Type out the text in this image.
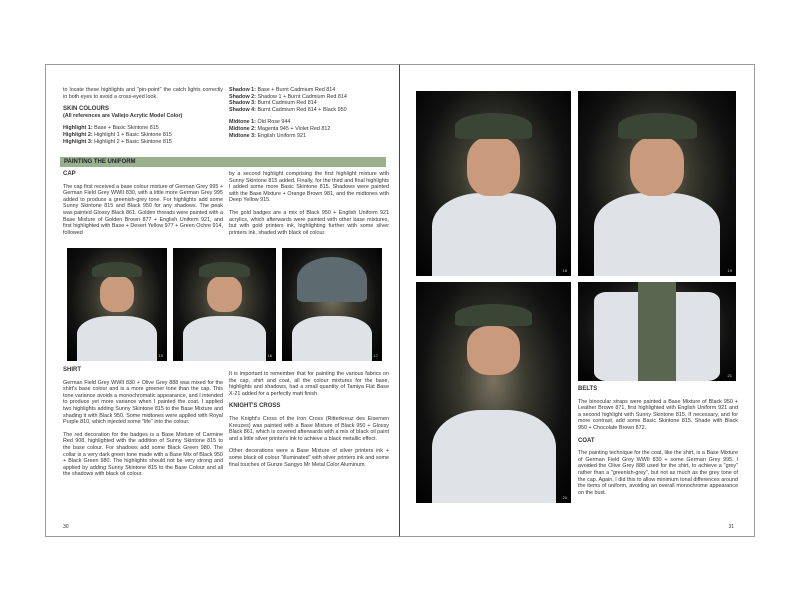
to locate these highlights and "pin-point" the catch lights correctly in both eyes to avoid a cross-eyed look.

SKIN COLOURS

(All references are Vallejo Acrylic Model Color)

Highlight 1: Base + Basic Skintone 815
Highlight 2: Highlight 1 + Basic Skintone 815
Highlight 3: Highlight 2 + Basic Skintone 815
Shadow 1: Base + Burnt Cadmium Red 814
Shadow 2: Shadow 1 + Burnt Cadmium Red 814
Shadow 3: Burnt Cadmium Red 814
Shadow 4: Burnt Cadmium Red 814 + Black 950
Midtone 1: Old Rose 944
Midtone 2: Magenta 945 + Violet Red 812
Midtone 3: English Uniform 921
PAINTING THE UNIFORM
CAP

The cap first received a base colour mixture of German Grey 995 + German Field Grey WWII 830, with a little more German Grey 995 added to produce a greenish-grey tone. For highlights add some Sunny Skintone 815 and Black 950 for any shadows. The peak was painted Glossy Black 861. Golden threads were painted with a Base Mixture of Golden Brown 877 + English Uniform 921, and first highlighted with Base + Desert Yellow 977 + Green Ochre 914, followed

by a second highlight comprising the first highlight mixture with Sunny Skintone 815 added. Finally, for the third and final highlights I added some more Basic Skintone 815. Shadows were painted with the Base Mixture + Orange Brown 981, and the midtones with Deep Yellow 915.

The gold badges are a mix of Black 950 + English Uniform 921 acrylics, which afterwards were painted with other base mixtures, but with gold printers ink, highlighting further with some silver printers ink, shaded with black oil colour.

15	16	17
SHIRT

German Field Grey WWII 830 + Olive Grey 888 was mixed for the shirt's base colour and is a more greener tone than the cap. This tone variance avoids a monochromatic appearance, and I intended to produce yet more variance when I painted the coat. I applied two highlights adding Sunny Skintone 815 to the Base Mixture and shading it with Black 950. Some midtones were applied with Royal Purple 810, which injected some "life" into the colour.

The red decoration for the badges is a Base Mixture of Carmine Red 908, highlighted with the addition of Sunny Skintone 815 to the base colour. For shadows add some Black Green 980. The collar is a very dark green tone made with a Base Mix of Black 950 + Black Green 980. The highlights should not be very strong and applied by adding Sunny Skintone 815 to the Base Colour and all the shadows with black oil colour.

It is important to remember that for painting the various fabrics on the cap, shirt and coat, all the colour mixtures for the base, highlights and shadows, had a small quantity of Tamiya Flat Base X-21 added for a perfectly matt finish.

KNIGHT'S CROSS

The Knight's Cross of the Iron Cross (Ritterkreuz des Eisernen Kreuzes) was painted with a Base Mixture of Black 950 + Glossy Black 861, which is covered afterwards with a mix of black oil paint and a little silver printer's ink to achieve a black metallic effect.

Other decorations were a Base Mixture of silver printers ink + some black oil colour "illuminated" with silver printers ink and some final touches of Gunze Sangyo Mr Metal Color Aluminum.

30
18	19
20
21
BELTS

The binocular straps were painted a Base Mixture of Black 950 + Leather Brown 871, first highlighted with English Uniform 921 and a second highlight with Sunny Skintone 815. If necessary, and for more contrast, add some Basic Skintone 815. Shade with Black 950 + Chocolate Brown 872.

COAT

The painting technique for the coat, like the shirt, is a Base Mixture of German Field Grey WWII 830 + some German Grey 995. I avoided the Olive Grey 888 used for the shirt, to achieve a "grey" rather than a "greenish-grey", but not as much as the grey tone of the cap. Again, I did this to allow minimum tonal differences around the items of uniform, avoiding an overall monochrome appearance on the bust.

31
